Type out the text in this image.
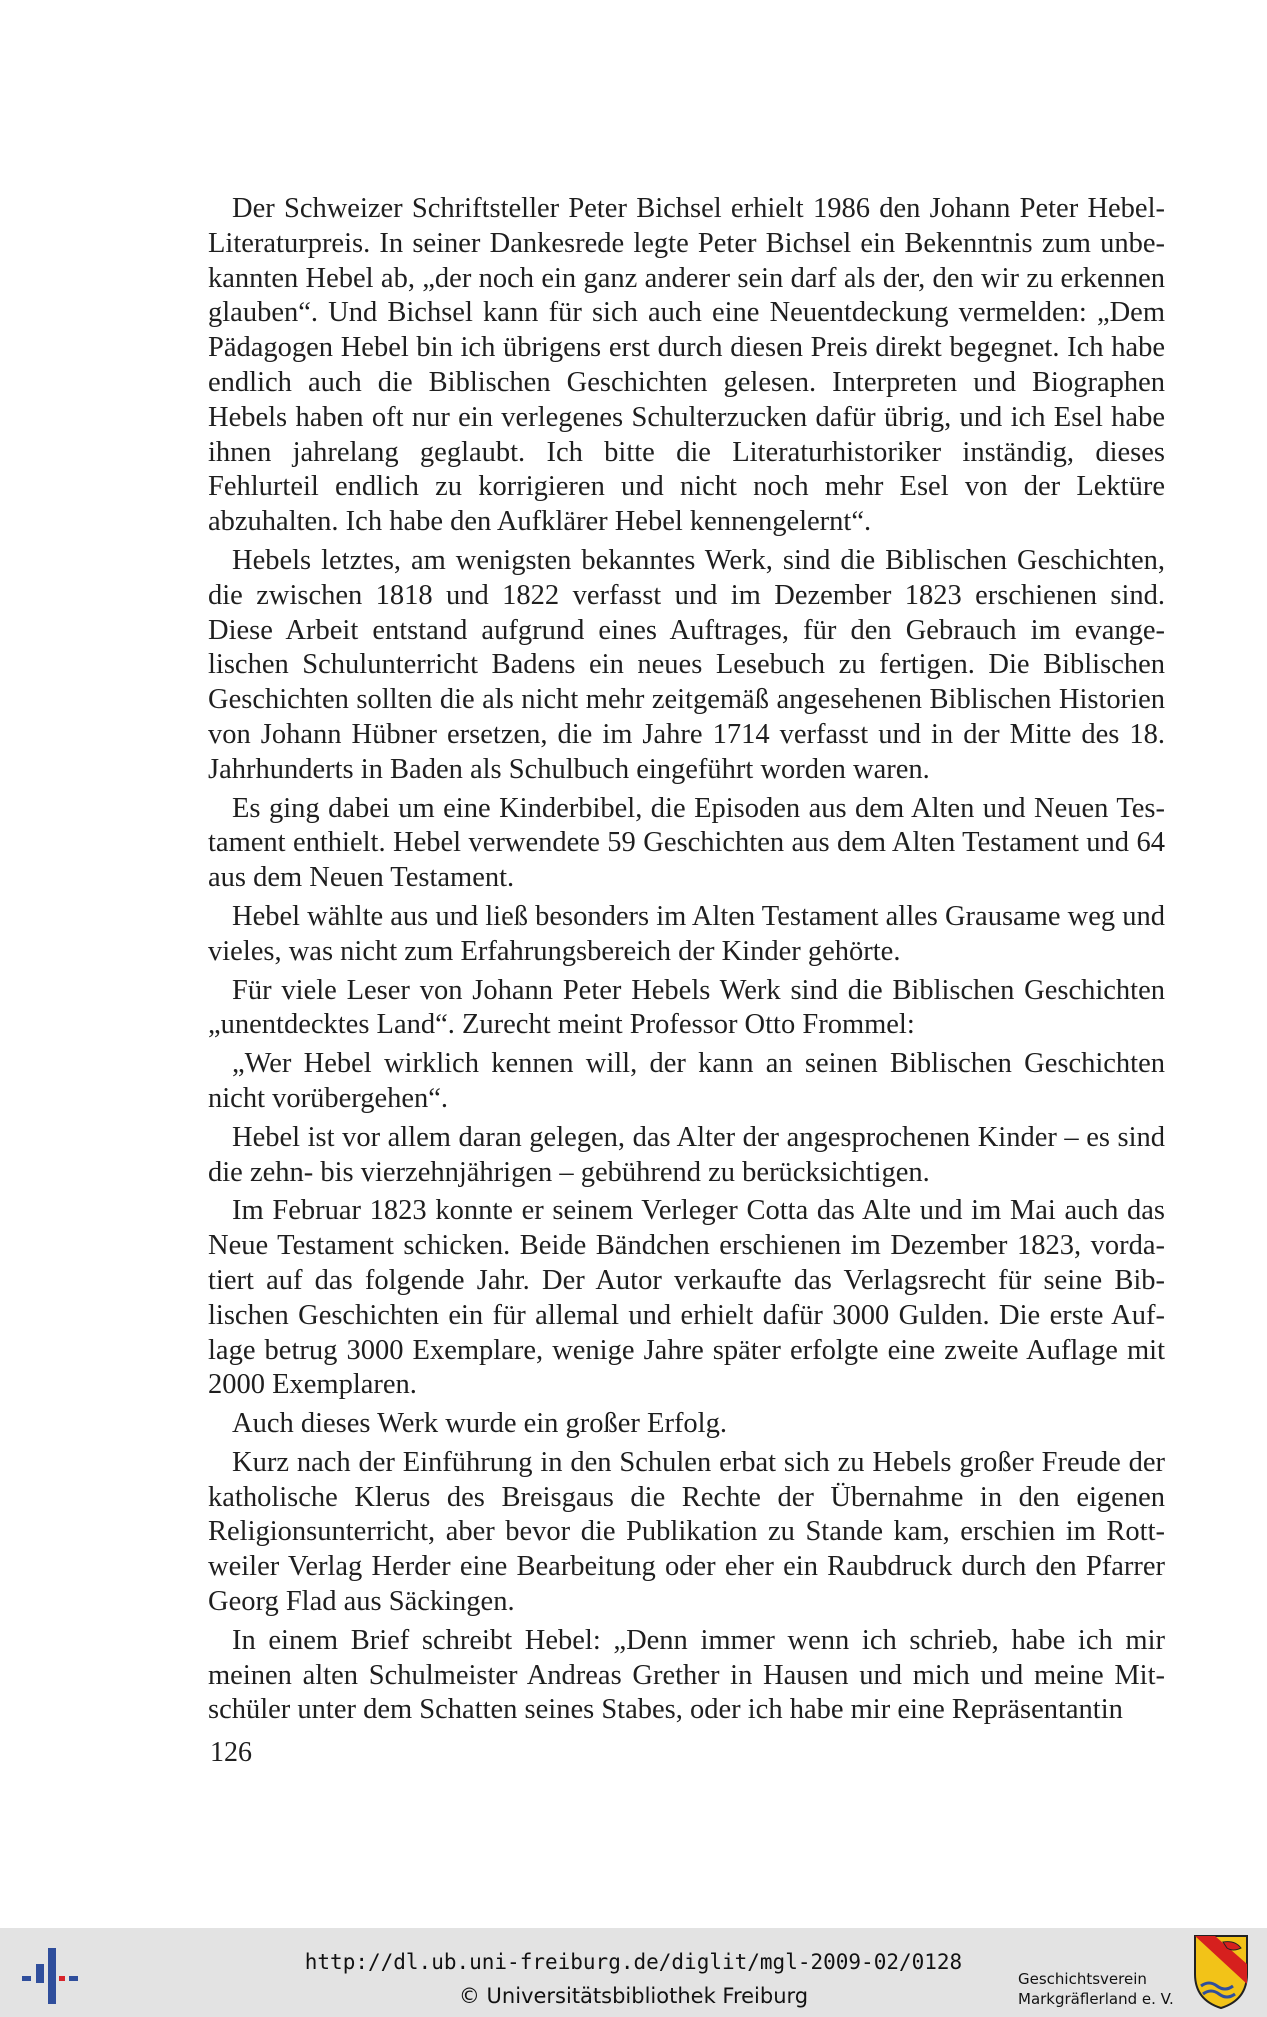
Der Schweizer Schriftsteller Peter Bichsel erhielt 1986 den Johann Peter Hebel-Literaturpreis. In seiner Dankesrede legte Peter Bichsel ein Bekenntnis zum unbekannten Hebel ab, „der noch ein ganz anderer sein darf als der, den wir zu erkennen glauben“. Und Bichsel kann für sich auch eine Neuentdeckung vermelden: „Dem Pädagogen Hebel bin ich übrigens erst durch diesen Preis direkt begegnet. Ich habe endlich auch die Biblischen Geschichten gelesen. Interpreten und Biographen Hebels haben oft nur ein verlegenes Schulterzucken dafür übrig, und ich Esel habe ihnen jahrelang geglaubt. Ich bitte die Literaturhistoriker inständig, dieses Fehlurteil endlich zu korrigieren und nicht noch mehr Esel von der Lektüre abzuhalten. Ich habe den Aufklärer Hebel kennengelernt“.

Hebels letztes, am wenigsten bekanntes Werk, sind die Biblischen Geschichten, die zwischen 1818 und 1822 verfasst und im Dezember 1823 erschienen sind. Diese Arbeit entstand aufgrund eines Auftrages, für den Gebrauch im evangelischen Schulunterricht Badens ein neues Lesebuch zu fertigen. Die Biblischen Geschichten sollten die als nicht mehr zeitgemäß angesehenen Biblischen Historien von Johann Hübner ersetzen, die im Jahre 1714 verfasst und in der Mitte des 18. Jahrhunderts in Baden als Schulbuch eingeführt worden waren.

Es ging dabei um eine Kinderbibel, die Episoden aus dem Alten und Neuen Testament enthielt. Hebel verwendete 59 Geschichten aus dem Alten Testament und 64 aus dem Neuen Testament.

Hebel wählte aus und ließ besonders im Alten Testament alles Grausame weg und vieles, was nicht zum Erfahrungsbereich der Kinder gehörte.

Für viele Leser von Johann Peter Hebels Werk sind die Biblischen Geschichten „unentdecktes Land“. Zurecht meint Professor Otto Frommel:

„Wer Hebel wirklich kennen will, der kann an seinen Biblischen Geschichten nicht vorübergehen“.

Hebel ist vor allem daran gelegen, das Alter der angesprochenen Kinder – es sind die zehn- bis vierzehnjährigen – gebührend zu berücksichtigen.

Im Februar 1823 konnte er seinem Verleger Cotta das Alte und im Mai auch das Neue Testament schicken. Beide Bändchen erschienen im Dezember 1823, vordatiert auf das folgende Jahr. Der Autor verkaufte das Verlagsrecht für seine Biblischen Geschichten ein für allemal und erhielt dafür 3000 Gulden. Die erste Auflage betrug 3000 Exemplare, wenige Jahre später erfolgte eine zweite Auflage mit 2000 Exemplaren.

Auch dieses Werk wurde ein großer Erfolg.

Kurz nach der Einführung in den Schulen erbat sich zu Hebels großer Freude der katholische Klerus des Breisgaus die Rechte der Übernahme in den eigenen Religionsunterricht, aber bevor die Publikation zu Stande kam, erschien im Rottweiler Verlag Herder eine Bearbeitung oder eher ein Raubdruck durch den Pfarrer Georg Flad aus Säckingen.

In einem Brief schreibt Hebel: „Denn immer wenn ich schrieb, habe ich mir meinen alten Schulmeister Andreas Grether in Hausen und mich und meine Mitschüler unter dem Schatten seines Stabes, oder ich habe mir eine Repräsentantin

126
http://dl.ub.uni-freiburg.de/diglit/mgl-2009-02/0128
© Universitätsbibliothek Freiburg
Geschichtsverein
Markgräflerland e. V.
